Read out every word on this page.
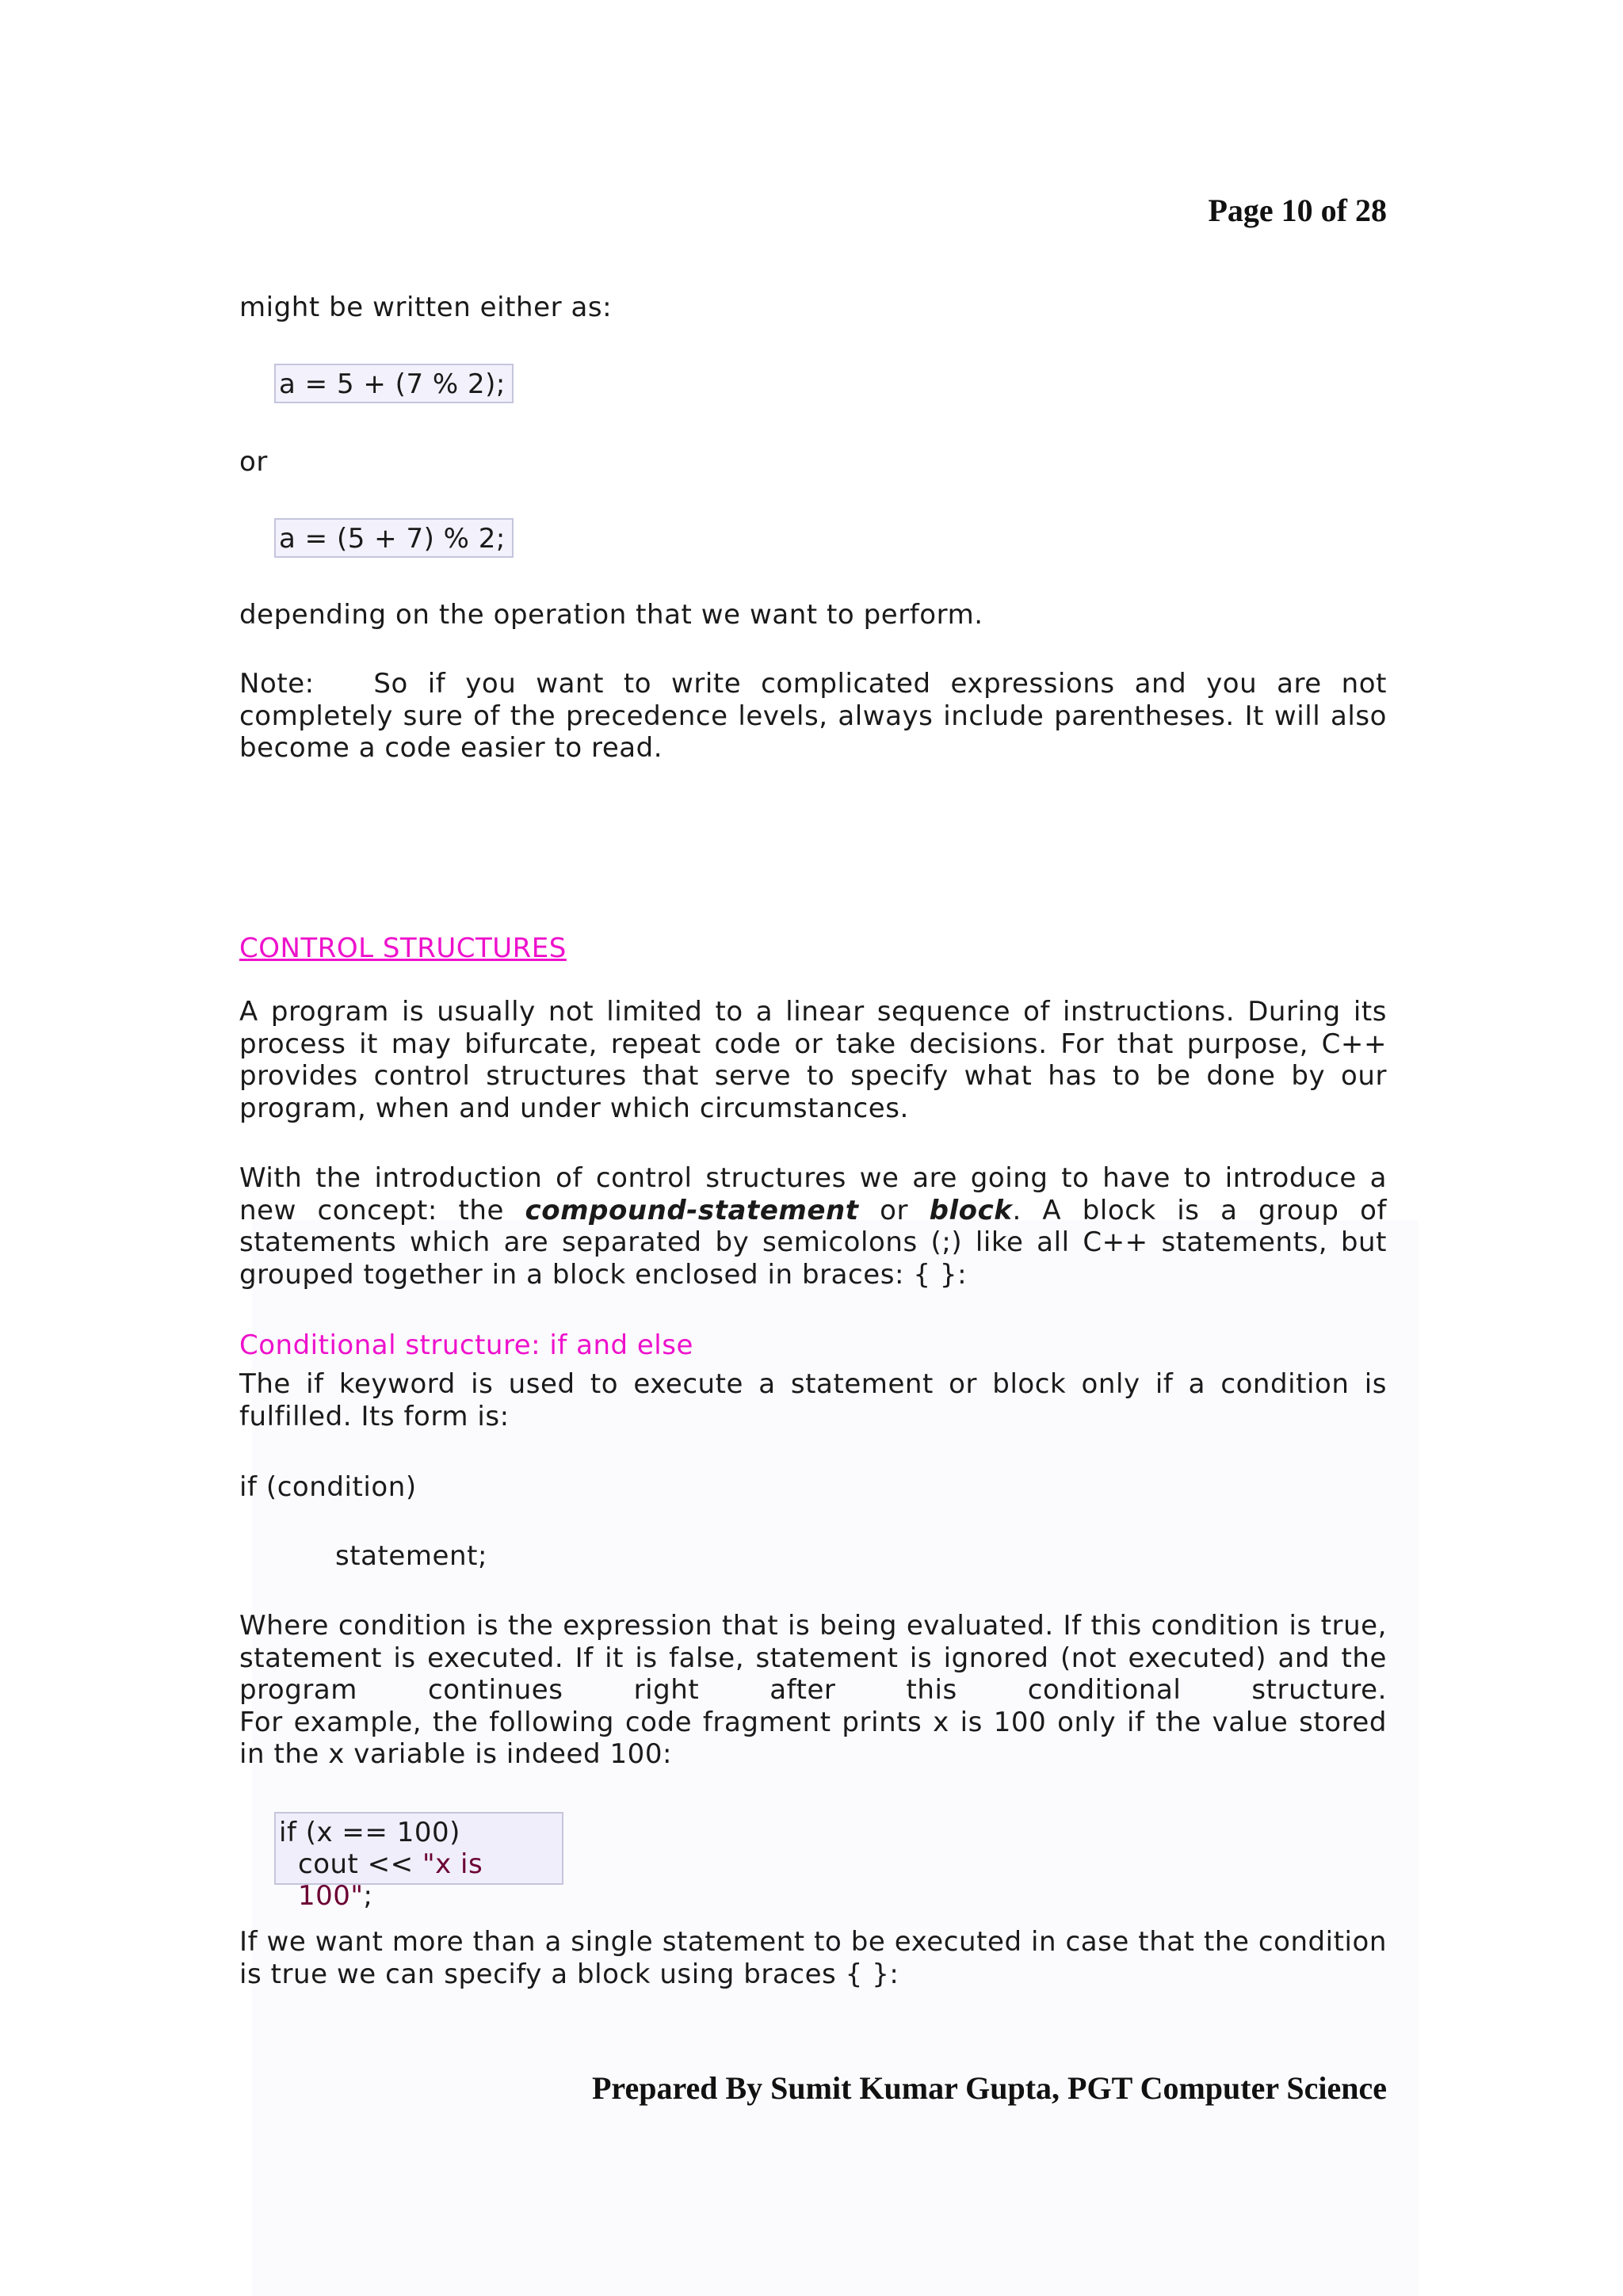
Page 10 of 28

might be written either as:

a = 5 + (7 % 2);

or

a = (5 + 7) % 2;

depending on the operation that we want to perform.

Note: So if you want to write complicated expressions and you are not completely sure of the precedence levels, always include parentheses. It will also become a code easier to read.

CONTROL STRUCTURES

A program is usually not limited to a linear sequence of instructions. During its process it may bifurcate, repeat code or take decisions. For that purpose, C++ provides control structures that serve to specify what has to be done by our program, when and under which circumstances.

With the introduction of control structures we are going to have to introduce a new concept: the compound-statement or block. A block is a group of statements which are separated by semicolons (;) like all C++ statements, but grouped together in a block enclosed in braces: { }:

Conditional structure: if and else

The if keyword is used to execute a statement or block only if a condition is fulfilled. Its form is:

if (condition)

statement;

Where condition is the expression that is being evaluated. If this condition is true, statement is executed. If it is false, statement is ignored (not executed) and the program continues right after this conditional structure.
For example, the following code fragment prints x is 100 only if the value stored in the x variable is indeed 100:

if (x == 100)
cout << "x is 100";

If we want more than a single statement to be executed in case that the condition is true we can specify a block using braces { }:

Prepared By Sumit Kumar Gupta, PGT Computer Science
